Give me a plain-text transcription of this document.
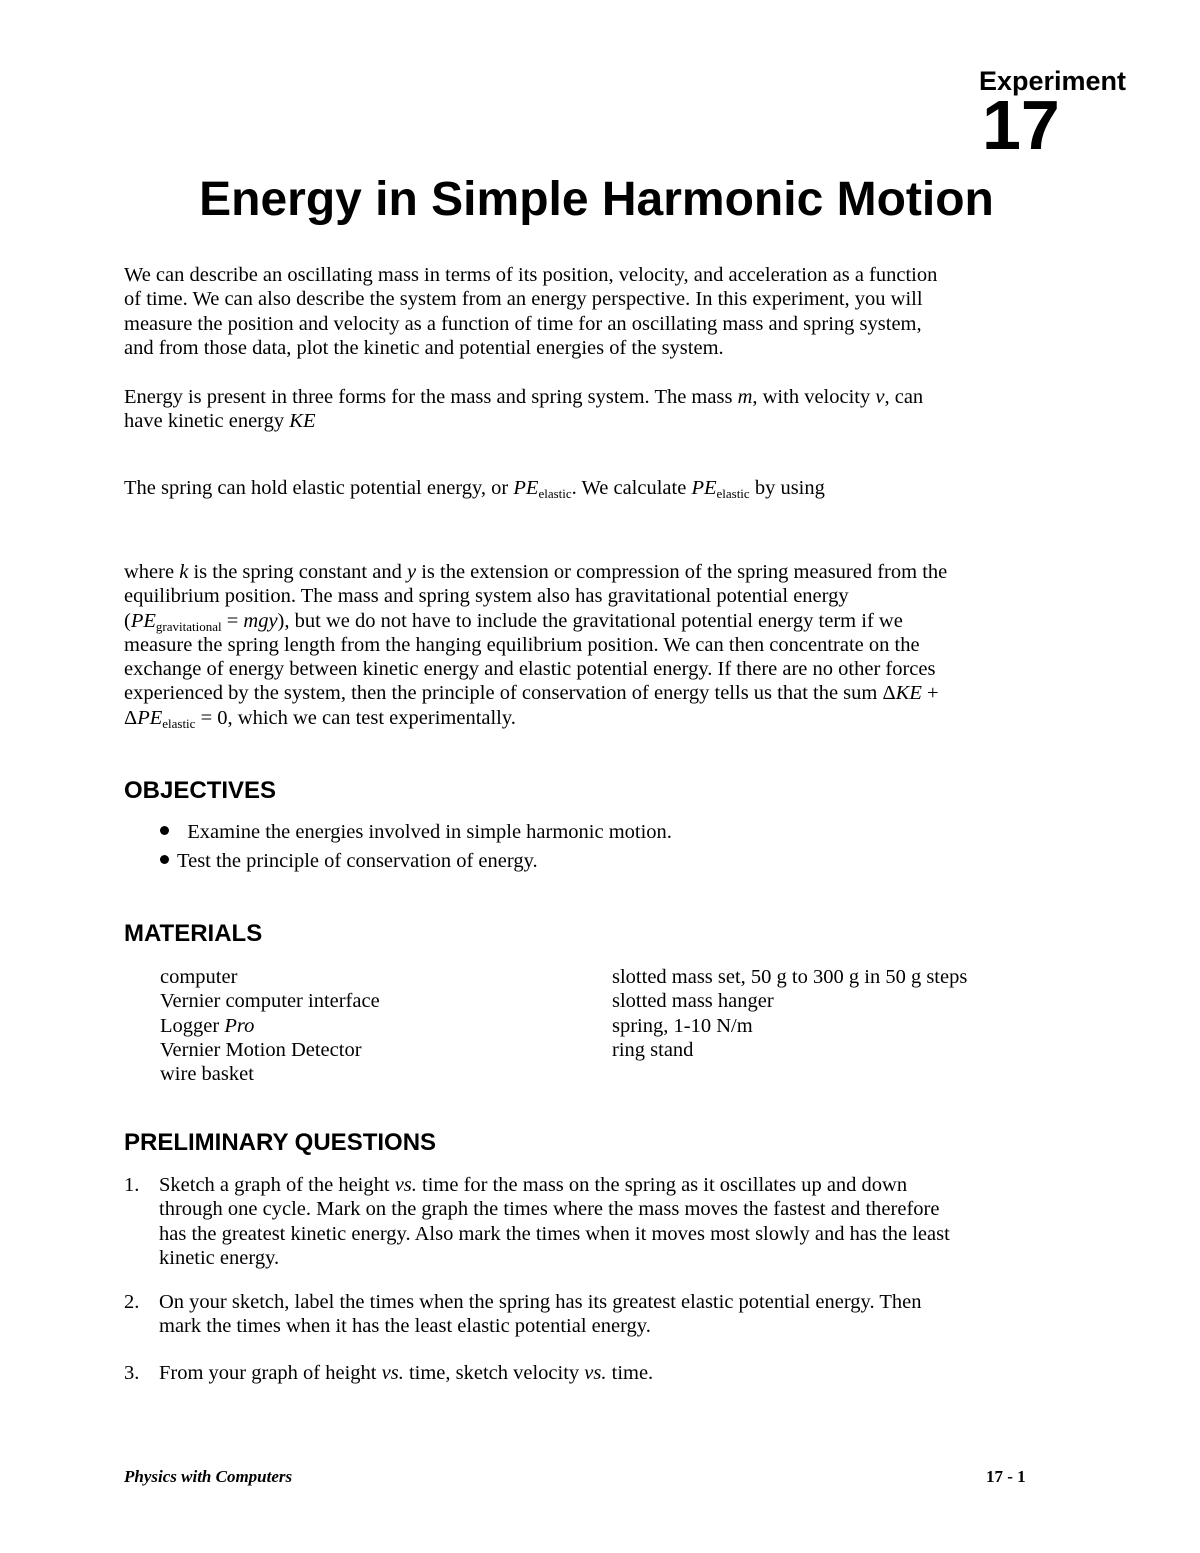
Experiment
17
Energy in Simple Harmonic Motion

We can describe an oscillating mass in terms of its position, velocity, and acceleration as a function

of time. We can also describe the system from an energy perspective. In this experiment, you will

measure the position and velocity as a function of time for an oscillating mass and spring system,

and from those data, plot the kinetic and potential energies of the system.

Energy is present in three forms for the mass and spring system. The mass m, with velocity v, can

have kinetic energy KE

The spring can hold elastic potential energy, or $PE_{elastic}$. We calculate $PE_{elastic}$ by using

where k is the spring constant and y is the extension or compression of the spring measured from the

equilibrium position. The mass and spring system also has gravitational potential energy

$(PE_{gravitational} = mgy)$, but we do not have to include the gravitational potential energy term if we

measure the spring length from the hanging equilibrium position. We can then concentrate on the

exchange of energy between kinetic energy and elastic potential energy. If there are no other forces

experienced by the system, then the principle of conservation of energy tells us that the sum ΔKE +

$\Delta PE_{elastic} = 0$, which we can test experimentally.

OBJECTIVES
Examine the energies involved in simple harmonic motion.
Test the principle of conservation of energy.
MATERIALS
computer
Vernier computer interface
Logger Pro
Vernier Motion Detector
wire basket
slotted mass set, 50 g to 300 g in 50 g steps
slotted mass hanger
spring, 1-10 N/m
ring stand
PRELIMINARY QUESTIONS
1. Sketch a graph of the height vs. time for the mass on the spring as it oscillates up and down
through one cycle. Mark on the graph the times where the mass moves the fastest and therefore
has the greatest kinetic energy. Also mark the times when it moves most slowly and has the least
kinetic energy.
2. On your sketch, label the times when the spring has its greatest elastic potential energy. Then
mark the times when it has the least elastic potential energy.
3. From your graph of height vs. time, sketch velocity vs. time.
Physics with Computers	17 - 1
